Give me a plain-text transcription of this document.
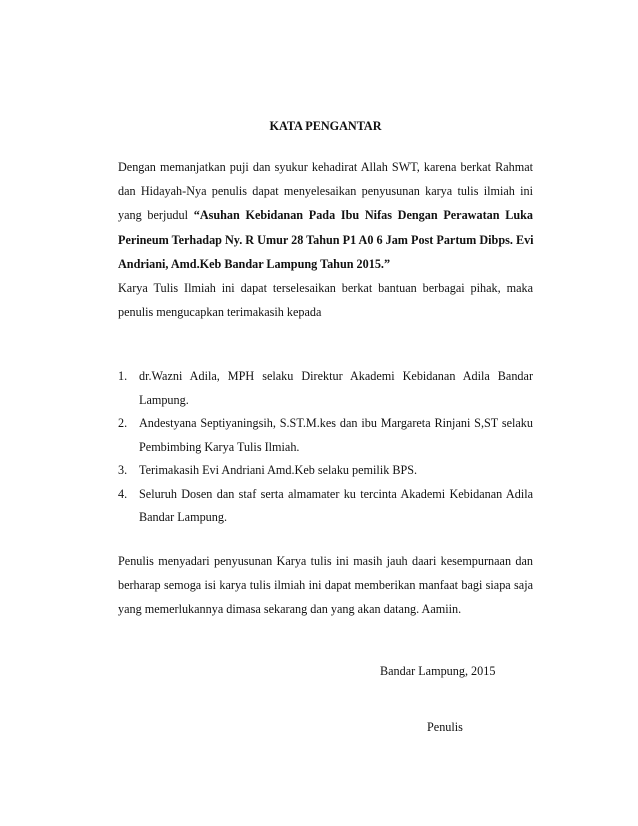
KATA PENGANTAR
Dengan memanjatkan puji dan syukur kehadirat Allah SWT, karena berkat Rahmat
dan Hidayah-Nya penulis dapat menyelesaikan penyusunan karya tulis ilmiah ini
yang berjudul “Asuhan Kebidanan Pada Ibu Nifas Dengan Perawatan Luka
Perineum Terhadap Ny. R Umur 28 Tahun P1 A0 6 Jam Post Partum Dibps. Evi
Andriani, Amd.Keb Bandar Lampung Tahun 2015.”
Karya Tulis Ilmiah ini dapat terselesaikan berkat bantuan berbagai pihak, maka
penulis mengucapkan terimakasih kepada
1. dr.Wazni Adila, MPH selaku Direktur Akademi Kebidanan Adila Bandar
Lampung.
2. Andestyana Septiyaningsih, S.ST.M.kes dan ibu Margareta Rinjani S,ST selaku
Pembimbing Karya Tulis Ilmiah.
3. Terimakasih Evi Andriani Amd.Keb selaku pemilik BPS.
4. Seluruh Dosen dan staf serta almamater ku tercinta Akademi Kebidanan Adila
Bandar Lampung.
Penulis menyadari penyusunan Karya tulis ini masih jauh daari kesempurnaan dan
berharap semoga isi karya tulis ilmiah ini dapat memberikan manfaat bagi siapa saja
yang memerlukannya dimasa sekarang dan yang akan datang. Aamiin.
Bandar Lampung, 2015
Penulis
